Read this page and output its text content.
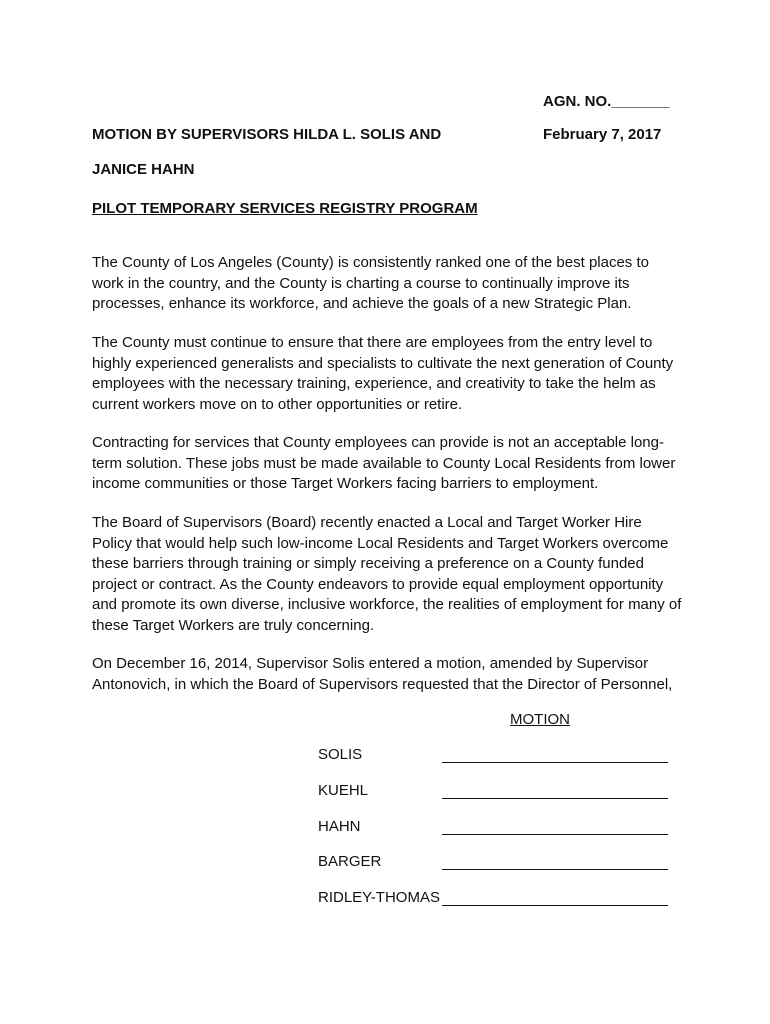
AGN. NO._______
MOTION BY SUPERVISORS HILDA L. SOLIS AND	February 7, 2017
JANICE HAHN
PILOT TEMPORARY SERVICES REGISTRY PROGRAM

The County of Los Angeles (County) is consistently ranked one of the best places to work in the country, and the County is charting a course to continually improve its processes, enhance its workforce, and achieve the goals of a new Strategic Plan.

The County must continue to ensure that there are employees from the entry level to highly experienced generalists and specialists to cultivate the next generation of County employees with the necessary training, experience, and creativity to take the helm as current workers move on to other opportunities or retire.

Contracting for services that County employees can provide is not an acceptable long-term solution. These jobs must be made available to County Local Residents from lower income communities or those Target Workers facing barriers to employment.

The Board of Supervisors (Board) recently enacted a Local and Target Worker Hire Policy that would help such low-income Local Residents and Target Workers overcome these barriers through training or simply receiving a preference on a County funded project or contract. As the County endeavors to provide equal employment opportunity and promote its own diverse, inclusive workforce, the realities of employment for many of these Target Workers are truly concerning.

On December 16, 2014, Supervisor Solis entered a motion, amended by Supervisor Antonovich, in which the Board of Supervisors requested that the Director of Personnel,

MOTION
SOLIS
KUEHL
HAHN
BARGER
RIDLEY-THOMAS
